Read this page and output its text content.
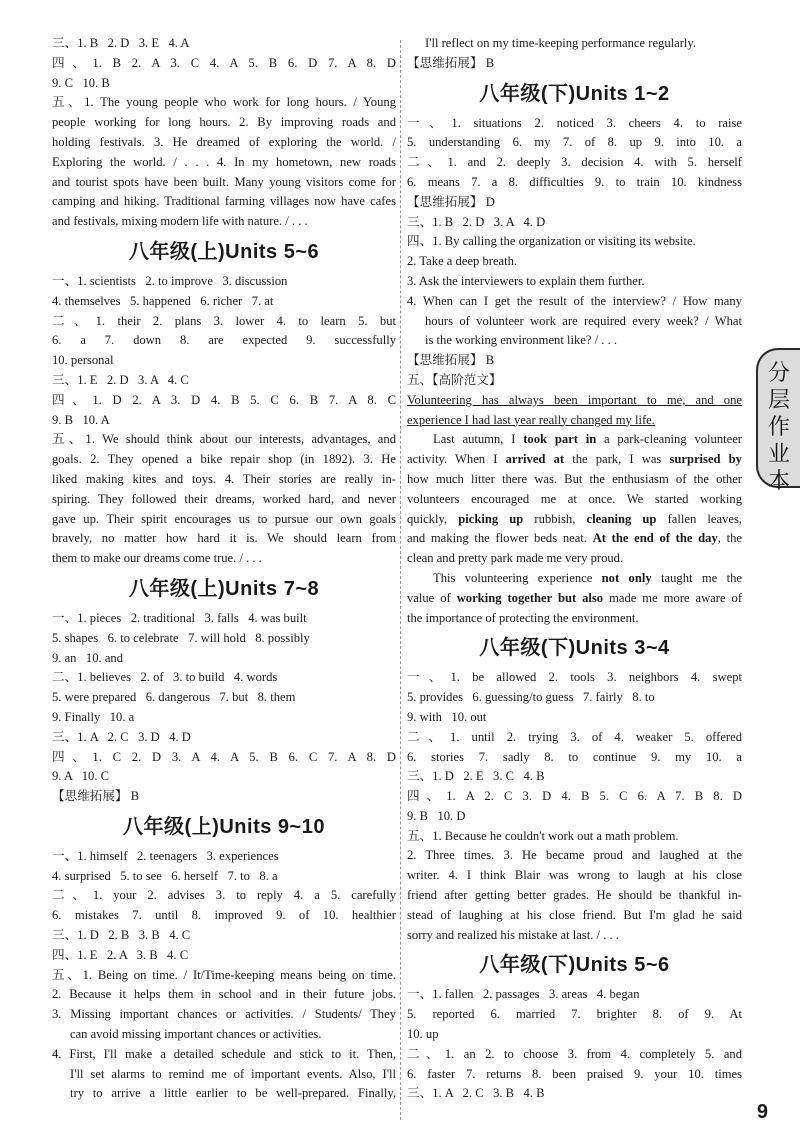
三、1. B   2. D   3. E   4. A
四、1. B 2. A 3. C 4. A 5. B 6. D 7. A 8. D
9. C   10. B
五、1. The young people who work for long hours. / Young
people working for long hours. 2. By improving roads and
holding festivals. 3. He dreamed of exploring the world. /
Exploring the world. / . . . 4. In my hometown, new roads
and tourist spots have been built. Many young visitors come for
camping and hiking. Traditional farming villages now have cafes
and festivals, mixing modern life with nature. / . . .
八年级(上)Units 5~6
一、1. scientists   2. to improve   3. discussion
4. themselves   5. happened   6. richer   7. at
二、1. their 2. plans 3. lower 4. to learn 5. but
6. a 7. down 8. are expected 9. successfully
10. personal
三、1. E   2. D   3. A   4. C
四、1. D 2. A 3. D 4. B 5. C 6. B 7. A 8. C
9. B   10. A
五、1. We should think about our interests, advantages, and
goals. 2. They opened a bike repair shop (in 1892). 3. He
liked making kites and toys. 4. Their stories are really in-
spiring. They followed their dreams, worked hard, and never
gave up. Their spirit encourages us to pursue our own goals
bravely, no matter how hard it is. We should learn from
them to make our dreams come true. / . . .
八年级(上)Units 7~8
一、1. pieces   2. traditional   3. falls   4. was built
5. shapes   6. to celebrate   7. will hold   8. possibly
9. an   10. and
二、1. believes   2. of   3. to build   4. words
5. were prepared   6. dangerous   7. but   8. them
9. Finally   10. a
三、1. A   2. C   3. D   4. D
四、1. C 2. D 3. A 4. A 5. B 6. C 7. A 8. D
9. A   10. C
【思维拓展】 B
八年级(上)Units 9~10
一、1. himself   2. teenagers   3. experiences
4. surprised   5. to see   6. herself   7. to   8. a
二、1. your 2. advises 3. to reply 4. a 5. carefully
6. mistakes 7. until 8. improved 9. of 10. healthier
三、1. D   2. B   3. B   4. C
四、1. E   2. A   3. B   4. C
五、1. Being on time. / It/Time-keeping means being on time.
2. Because it helps them in school and in their future jobs.
3. Missing important chances or activities. / Students/ They
can avoid missing important chances or activities.
4. First, I'll make a detailed schedule and stick to it. Then,
I'll set alarms to remind me of important events. Also, I'll
try to arrive a little earlier to be well-prepared. Finally,
I'll reflect on my time-keeping performance regularly.
【思维拓展】 B
八年级(下)Units 1~2
一、1. situations 2. noticed 3. cheers 4. to raise
5. understanding 6. my 7. of 8. up 9. into 10. a
二、1. and 2. deeply 3. decision 4. with 5. herself
6. means 7. a 8. difficulties 9. to train 10. kindness
【思维拓展】 D
三、1. B   2. D   3. A   4. D
四、1. By calling the organization or visiting its website.
2. Take a deep breath.
3. Ask the interviewers to explain them further.
4. When can I get the result of the interview? / How many
hours of volunteer work are required every week? / What
is the working environment like? / . . .
【思维拓展】 B
五、【高阶范文】
Volunteering has always been important to me, and one
experience I had last year really changed my life.
Last autumn, I took part in a park-cleaning volunteer
activity. When I arrived at the park, I was surprised by
how much litter there was. But the enthusiasm of the other
volunteers encouraged me at once. We started working
quickly, picking up rubbish, cleaning up fallen leaves,
and making the flower beds neat. At the end of the day, the
clean and pretty park made me very proud.
This volunteering experience not only taught me the
value of working together but also made me more aware of
the importance of protecting the environment.
八年级(下)Units 3~4
一、1. be allowed 2. tools 3. neighbors 4. swept
5. provides   6. guessing/to guess   7. fairly   8. to
9. with   10. out
二、1. until 2. trying 3. of 4. weaker 5. offered
6. stories 7. sadly 8. to continue 9. my 10. a
三、1. D   2. E   3. C   4. B
四、1. A 2. C 3. D 4. B 5. C 6. A 7. B 8. D
9. B   10. D
五、1. Because he couldn't work out a math problem.
2. Three times. 3. He became proud and laughed at the
writer. 4. I think Blair was wrong to laugh at his close
friend after getting better grades. He should be thankful in-
stead of laughing at his close friend. But I'm glad he said
sorry and realized his mistake at last. / . . .
八年级(下)Units 5~6
一、1. fallen   2. passages   3. areas   4. began
5. reported 6. married 7. brighter 8. of 9. At
10. up
二、1. an 2. to choose 3. from 4. completely 5. and
6. faster 7. returns 8. been praised 9. your 10. times
三、1. A   2. C   3. B   4. B
分
层
作
业
本
9
